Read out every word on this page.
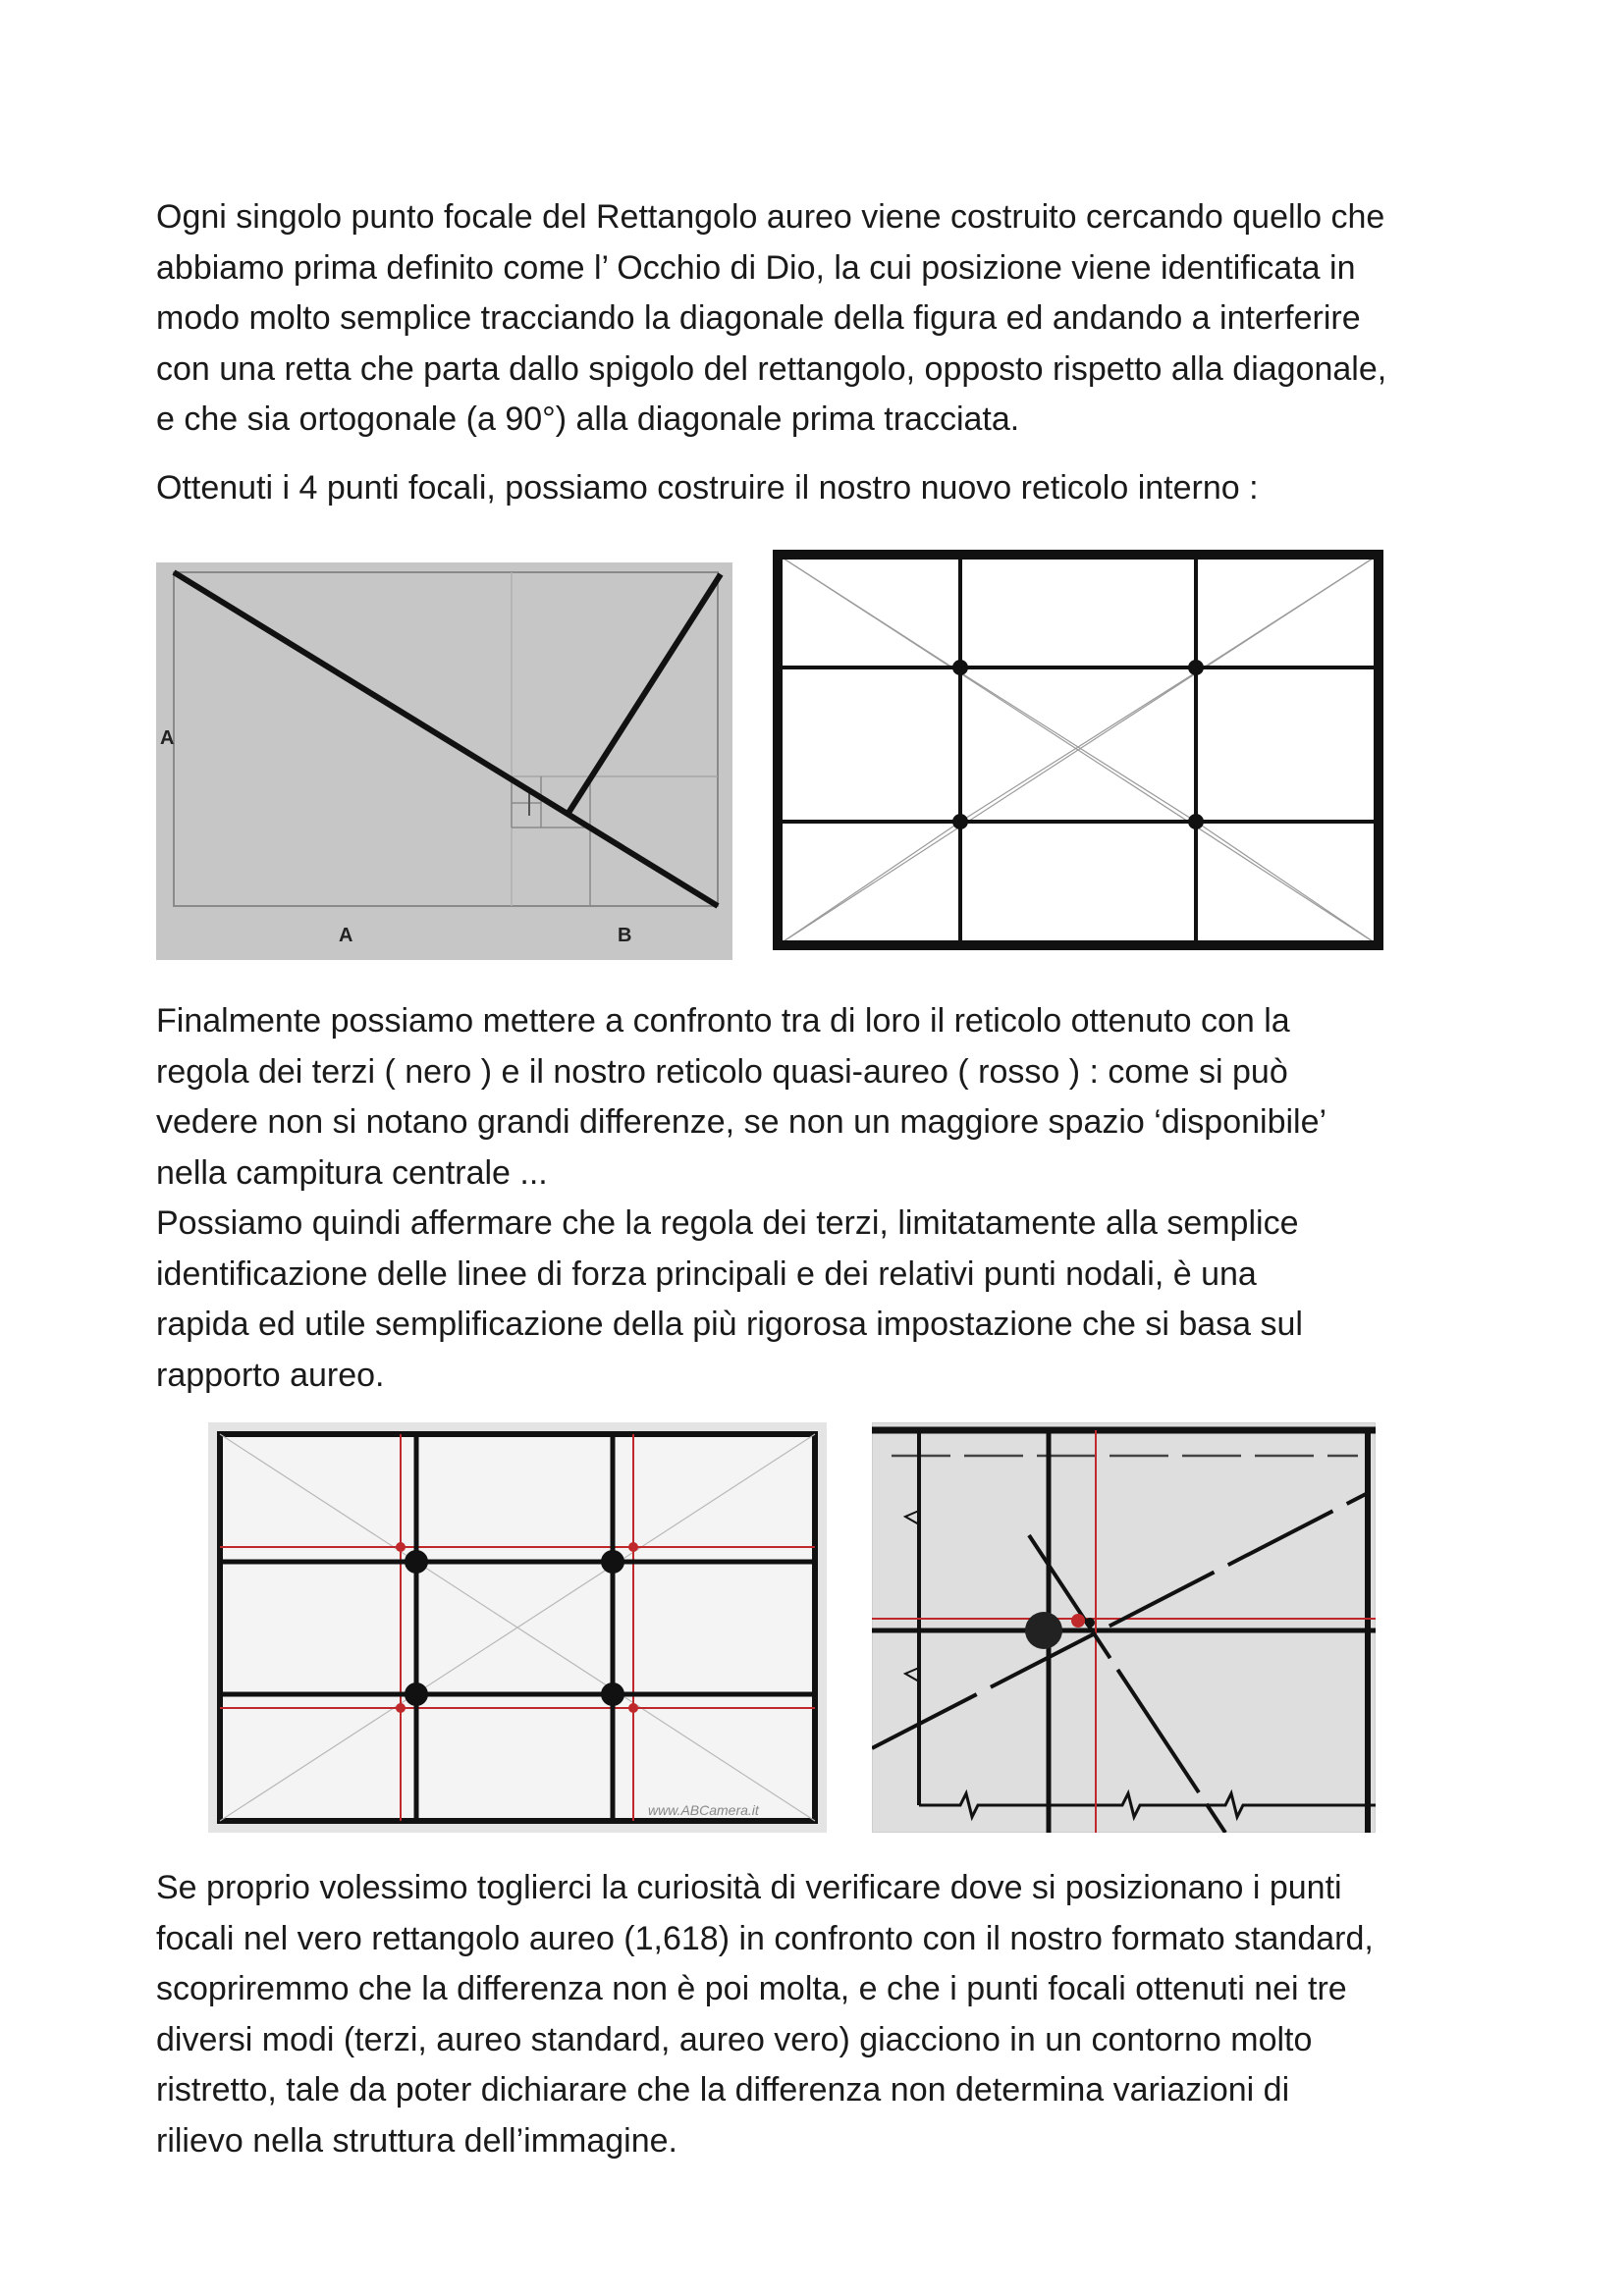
Ogni singolo punto focale del Rettangolo aureo viene costruito cercando quello che
abbiamo prima definito come l’ Occhio di Dio, la cui posizione viene identificata in
modo molto semplice tracciando la diagonale della figura ed andando a interferire
con una retta che parta dallo spigolo del rettangolo, opposto rispetto alla diagonale,
e che sia ortogonale (a 90°) alla diagonale prima tracciata.
Ottenuti i 4 punti focali, possiamo costruire il nostro nuovo reticolo interno :
A
A	B
Finalmente possiamo mettere a confronto tra di loro il reticolo ottenuto con la
regola dei terzi ( nero ) e il nostro reticolo quasi-aureo ( rosso ) : come si può
vedere non si notano grandi differenze, se non un maggiore spazio ‘disponibile’
nella campitura centrale ...
Possiamo quindi affermare che la regola dei terzi, limitatamente alla semplice
identificazione delle linee di forza principali e dei relativi punti nodali, è una
rapida ed utile semplificazione della più rigorosa impostazione che si basa sul
rapporto aureo.
www.ABCamera.it
Se proprio volessimo toglierci la curiosità di verificare dove si posizionano i punti
focali nel vero rettangolo aureo (1,618) in confronto con il nostro formato standard,
scopriremmo che la differenza non è poi molta, e che i punti focali ottenuti nei tre
diversi modi (terzi, aureo standard, aureo vero) giacciono in un contorno molto
ristretto, tale da poter dichiarare che la differenza non determina variazioni di
rilievo nella struttura dell’immagine.
